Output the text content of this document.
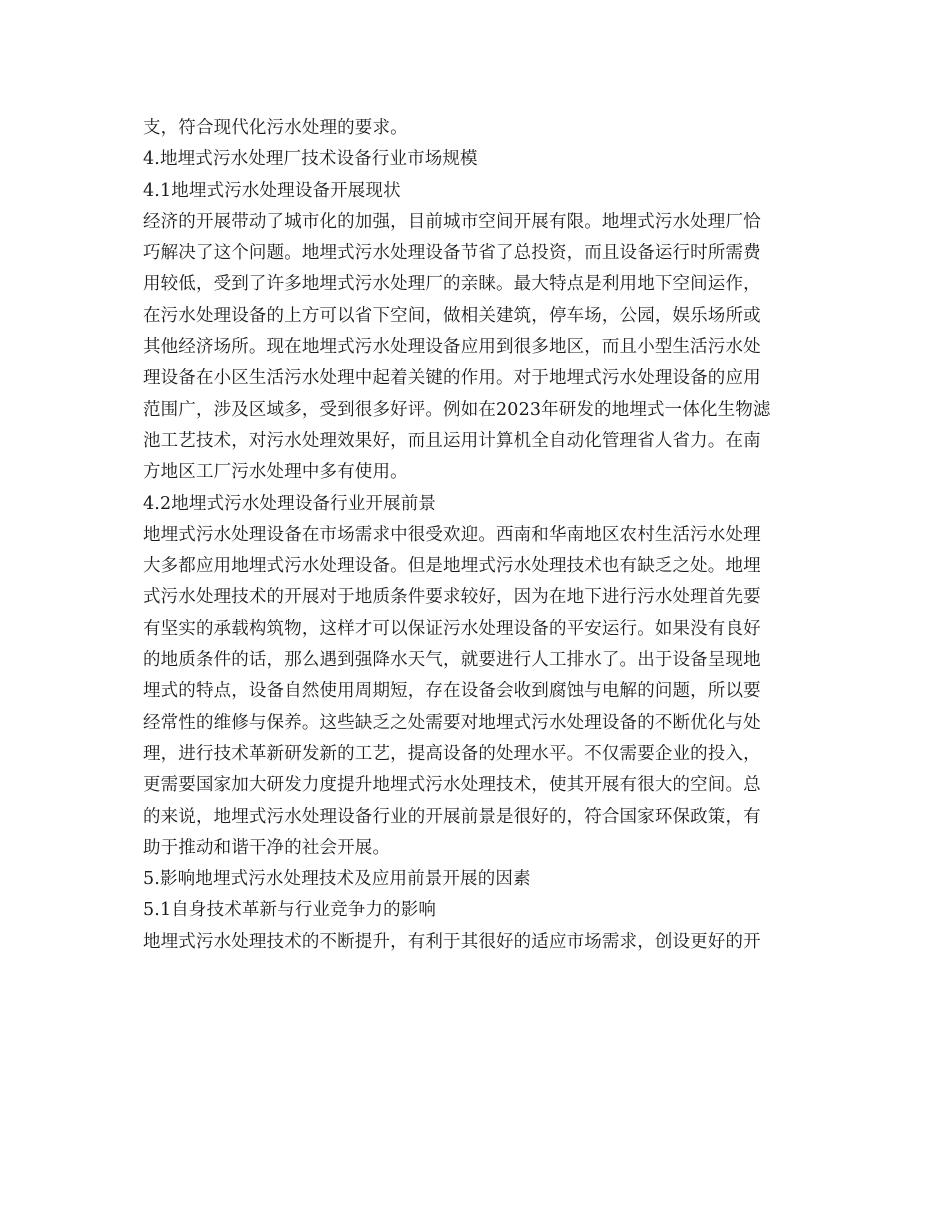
支，符合现代化污水处理的要求。
4.地埋式污水处理厂技术设备行业市场规模
4.1地埋式污水处理设备开展现状
经济的开展带动了城市化的加强，目前城市空间开展有限。地埋式污水处理厂恰
巧解决了这个问题。地埋式污水处理设备节省了总投资，而且设备运行时所需费
用较低，受到了许多地埋式污水处理厂的亲睐。最大特点是利用地下空间运作，
在污水处理设备的上方可以省下空间，做相关建筑，停车场，公园，娱乐场所或
其他经济场所。现在地埋式污水处理设备应用到很多地区，而且小型生活污水处
理设备在小区生活污水处理中起着关键的作用。对于地埋式污水处理设备的应用
范围广，涉及区域多，受到很多好评。例如在2023年研发的地埋式一体化生物滤
池工艺技术，对污水处理效果好，而且运用计算机全自动化管理省人省力。在南
方地区工厂污水处理中多有使用。
4.2地埋式污水处理设备行业开展前景
地埋式污水处理设备在市场需求中很受欢迎。西南和华南地区农村生活污水处理
大多都应用地埋式污水处理设备。但是地埋式污水处理技术也有缺乏之处。地埋
式污水处理技术的开展对于地质条件要求较好，因为在地下进行污水处理首先要
有坚实的承载构筑物，这样才可以保证污水处理设备的平安运行。如果没有良好
的地质条件的话，那么遇到强降水天气，就要进行人工排水了。出于设备呈现地
埋式的特点，设备自然使用周期短，存在设备会收到腐蚀与电解的问题，所以要
经常性的维修与保养。这些缺乏之处需要对地埋式污水处理设备的不断优化与处
理，进行技术革新研发新的工艺，提高设备的处理水平。不仅需要企业的投入，
更需要国家加大研发力度提升地埋式污水处理技术，使其开展有很大的空间。总
的来说，地埋式污水处理设备行业的开展前景是很好的，符合国家环保政策，有
助于推动和谐干净的社会开展。
5.影响地埋式污水处理技术及应用前景开展的因素
5.1自身技术革新与行业竞争力的影响
地埋式污水处理技术的不断提升，有利于其很好的适应市场需求，创设更好的开
